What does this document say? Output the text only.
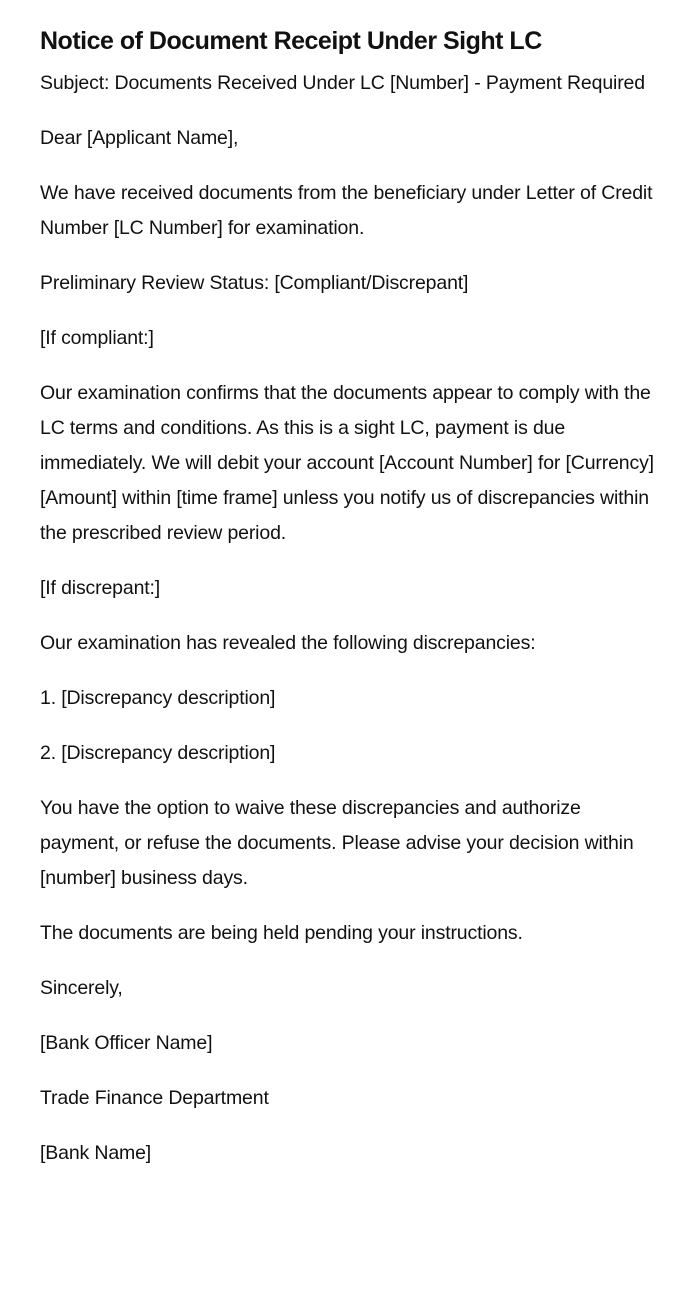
Notice of Document Receipt Under Sight LC

Subject: Documents Received Under LC [Number] - Payment Required

Dear [Applicant Name],

We have received documents from the beneficiary under Letter of Credit Number [LC Number] for examination.

Preliminary Review Status: [Compliant/Discrepant]

[If compliant:]

Our examination confirms that the documents appear to comply with the LC terms and conditions. As this is a sight LC, payment is due immediately. We will debit your account [Account Number] for [Currency] [Amount] within [time frame] unless you notify us of discrepancies within the prescribed review period.

[If discrepant:]

Our examination has revealed the following discrepancies:

1. [Discrepancy description]

2. [Discrepancy description]

You have the option to waive these discrepancies and authorize payment, or refuse the documents. Please advise your decision within [number] business days.

The documents are being held pending your instructions.

Sincerely,

[Bank Officer Name]

Trade Finance Department

[Bank Name]
